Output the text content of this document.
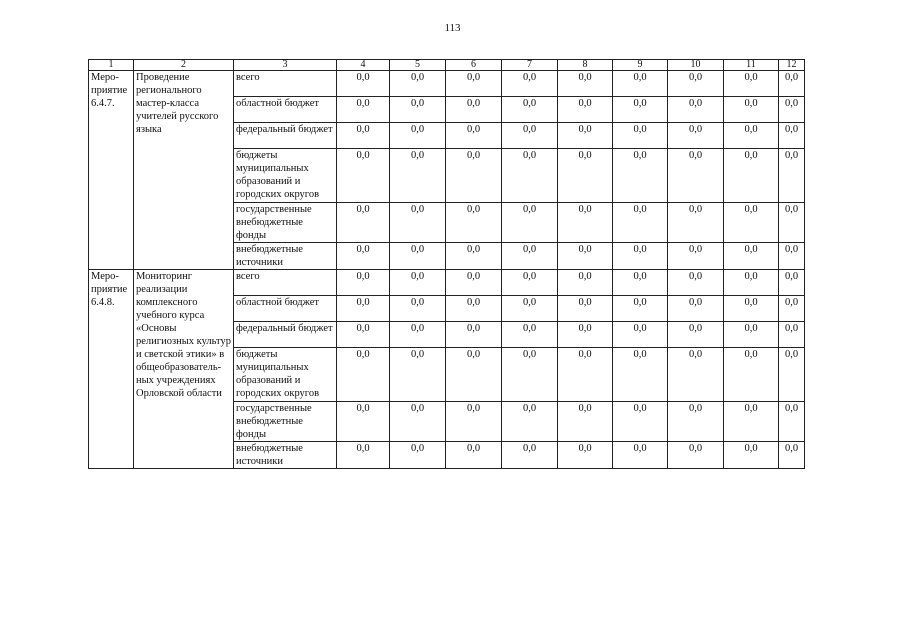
113
1	2	3	4	5	6	7	8	9	10	11	12
Меро-
приятие
6.4.7.	Проведение регионального мастер-класса учителей русского языка	всего	0,0	0,0	0,0	0,0	0,0	0,0	0,0	0,0	0,0
		областной бюджет	0,0	0,0	0,0	0,0	0,0	0,0	0,0	0,0	0,0
		федеральный бюджет	0,0	0,0	0,0	0,0	0,0	0,0	0,0	0,0	0,0
		бюджеты муниципальных образований и городских округов	0,0	0,0	0,0	0,0	0,0	0,0	0,0	0,0	0,0
		государственные внебюджетные фонды	0,0	0,0	0,0	0,0	0,0	0,0	0,0	0,0	0,0
		внебюджетные источники	0,0	0,0	0,0	0,0	0,0	0,0	0,0	0,0	0,0
Меро-
приятие
6.4.8.	Мониторинг реализации комплексного учебного курса «Основы религиозных культур и светской этики» в общеобразователь-ных учреждениях Орловской области	всего	0,0	0,0	0,0	0,0	0,0	0,0	0,0	0,0	0,0
		областной бюджет	0,0	0,0	0,0	0,0	0,0	0,0	0,0	0,0	0,0
		федеральный бюджет	0,0	0,0	0,0	0,0	0,0	0,0	0,0	0,0	0,0
		бюджеты муниципальных образований и городских округов	0,0	0,0	0,0	0,0	0,0	0,0	0,0	0,0	0,0
		государственные внебюджетные фонды	0,0	0,0	0,0	0,0	0,0	0,0	0,0	0,0	0,0
		внебюджетные источники	0,0	0,0	0,0	0,0	0,0	0,0	0,0	0,0	0,0
